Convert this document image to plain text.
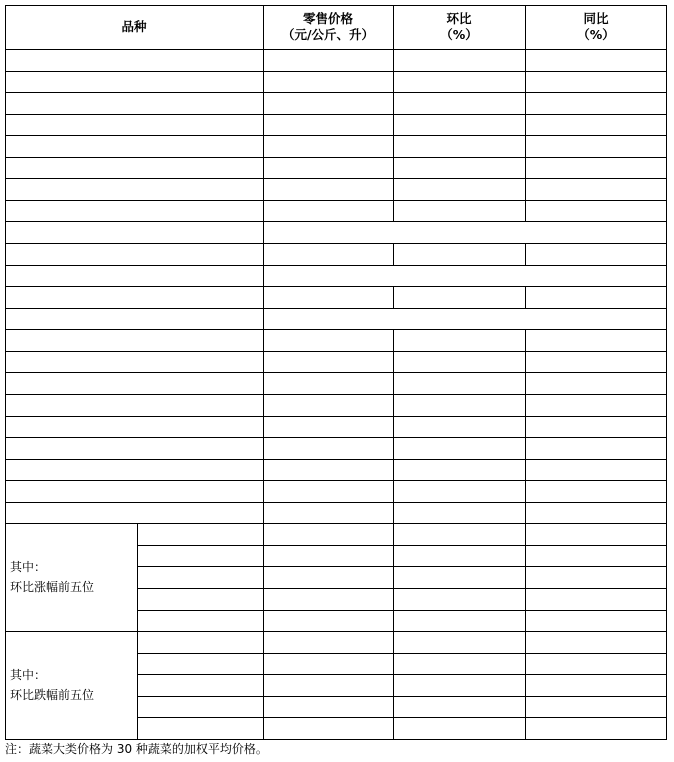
品种
零售价格
（元/公斤、升）
环比
（%）
同比
（%）
其中：
环比涨幅前五位
其中：
环比跌幅前五位
注：蔬菜大类价格为 30 种蔬菜的加权平均价格。
